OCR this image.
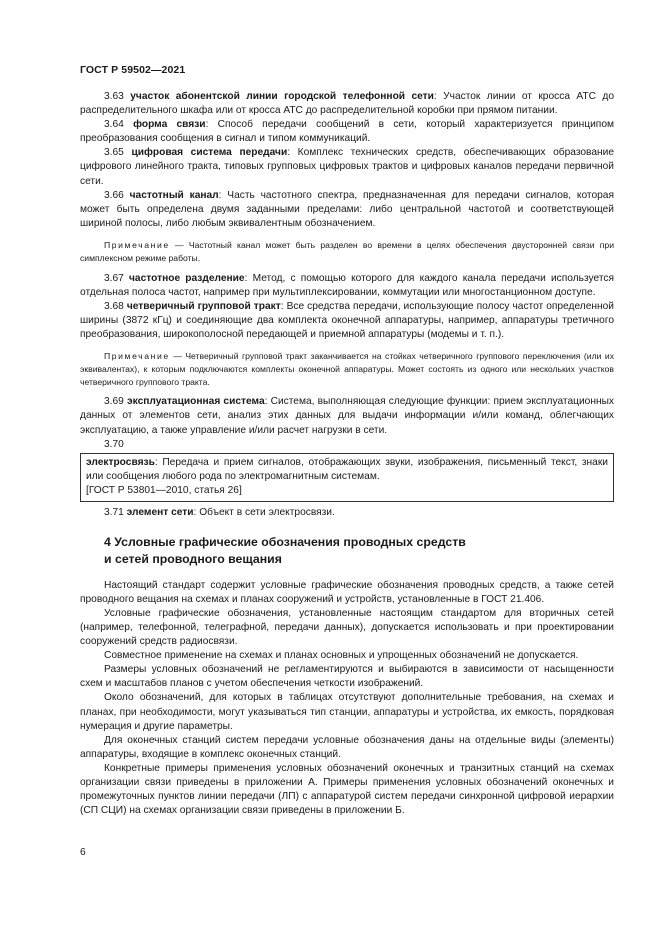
ГОСТ Р 59502—2021

3.63 участок абонентской линии городской телефонной сети: Участок линии от кросса АТС до распределительного шкафа или от кросса АТС до распределительной коробки при прямом питании.

3.64 форма связи: Способ передачи сообщений в сети, который характеризуется принципом преобразования сообщения в сигнал и типом коммуникаций.

3.65 цифровая система передачи: Комплекс технических средств, обеспечивающих образование цифрового линейного тракта, типовых групповых цифровых трактов и цифровых каналов передачи первичной сети.

3.66 частотный канал: Часть частотного спектра, предназначенная для передачи сигналов, которая может быть определена двумя заданными пределами: либо центральной частотой и соответствующей шириной полосы, либо любым эквивалентным обозначением.

Примечание — Частотный канал может быть разделен во времени в целях обеспечения двусторонней связи при симплексном режиме работы.

3.67 частотное разделение: Метод, с помощью которого для каждого канала передачи используется отдельная полоса частот, например при мультиплексировании, коммутации или многостанционном доступе.

3.68 четверичный групповой тракт: Все средства передачи, использующие полосу частот определенной ширины (3872 кГц) и соединяющие два комплекта оконечной аппаратуры, например, аппаратуры третичного преобразования, широкополосной передающей и приемной аппаратуры (модемы и т. п.).

Примечание — Четверичный групповой тракт заканчивается на стойках четверичного группового переключения (или их эквивалентах), к которым подключаются комплекты оконечной аппаратуры. Может состоять из одного или нескольких участков четверичного группового тракта.

3.69 эксплуатационная система: Система, выполняющая следующие функции: прием эксплуатационных данных от элементов сети, анализ этих данных для выдачи информации и/или команд, облегчающих эксплуатацию, а также управление и/или расчет нагрузки в сети.

3.70

электросвязь: Передача и прием сигналов, отображающих звуки, изображения, письменный текст, знаки или сообщения любого рода по электромагнитным системам.

[ГОСТ Р 53801—2010, статья 26]

3.71 элемент сети: Объект в сети электросвязи.

4 Условные графические обозначения проводных средств
и сетей проводного вещания

Настоящий стандарт содержит условные графические обозначения проводных средств, а также сетей проводного вещания на схемах и планах сооружений и устройств, установленные в ГОСТ 21.406.

Условные графические обозначения, установленные настоящим стандартом для вторичных сетей (например, телефонной, телеграфной, передачи данных), допускается использовать и при проектировании сооружений средств радиосвязи.

Совместное применение на схемах и планах основных и упрощенных обозначений не допускается.

Размеры условных обозначений не регламентируются и выбираются в зависимости от насыщенности схем и масштабов планов с учетом обеспечения четкости изображений.

Около обозначений, для которых в таблицах отсутствуют дополнительные требования, на схемах и планах, при необходимости, могут указываться тип станции, аппаратуры и устройства, их емкость, порядковая нумерация и другие параметры.

Для оконечных станций систем передачи условные обозначения даны на отдельные виды (элементы) аппаратуры, входящие в комплекс оконечных станций.

Конкретные примеры применения условных обозначений оконечных и транзитных станций на схемах организации связи приведены в приложении А. Примеры применения условных обозначений оконечных и промежуточных пунктов линии передачи (ЛП) с аппаратурой систем передачи синхронной цифровой иерархии (СП СЦИ) на схемах организации связи приведены в приложении Б.

6
